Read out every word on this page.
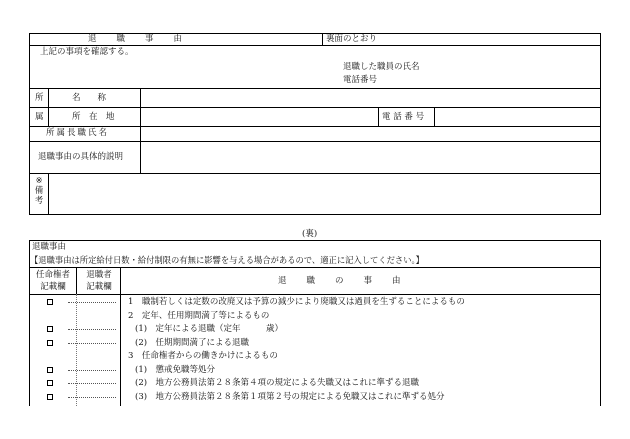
退　　職　　事　　由	裏面のとおり
上記の事項を確認する。
退職した職員の氏名
電話番号
所
属
名　　称
所　在　地	電 話 番 号
所属長職氏名
退職事由の具体的説明
※
備
考
(裏)
退職事由
【退職事由は所定給付日数・給付制限の有無に影響を与える場合があるので、適正に記入してください。】
任命権者
記載欄
退職者
記載欄
退　　職　　の　　事　　由
1　職制若しくは定数の改廃又は予算の減少により廃職又は過員を生ずることによるもの
2　定年、任用期間満了等によるもの
(1)　定年による退職（定年　　　歳）
(2)　任期期間満了による退職
3　任命権者からの働きかけによるもの
(1)　懲戒免職等処分
(2)　地方公務員法第２８条第４項の規定による失職又はこれに準ずる退職
(3)　地方公務員法第２８条第１項第２号の規定による免職又はこれに準ずる処分
